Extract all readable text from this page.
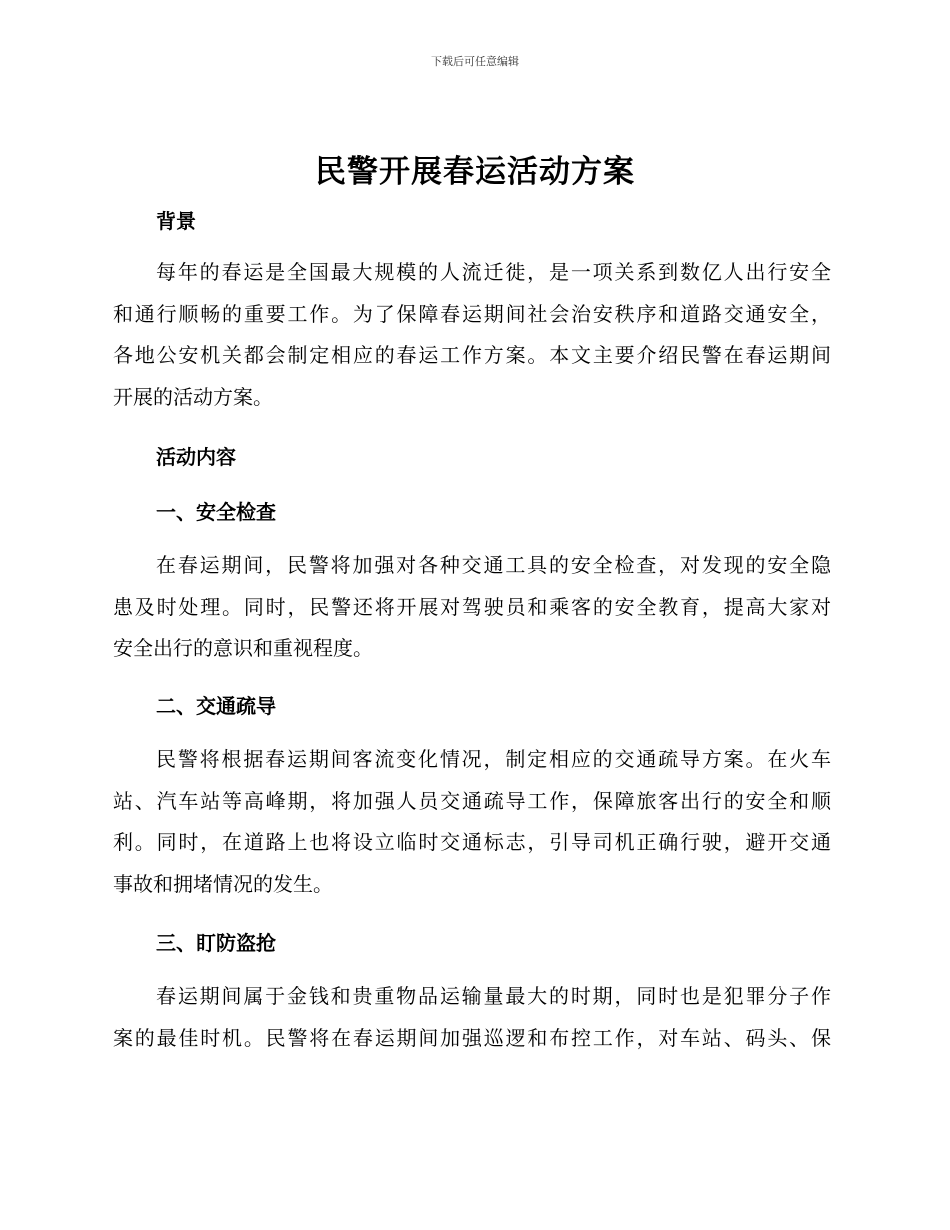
下载后可任意编辑
民警开展春运活动方案
背景
每年的春运是全国最大规模的人流迁徙，是一项关系到数亿人出行安全
和通行顺畅的重要工作。为了保障春运期间社会治安秩序和道路交通安全，
各地公安机关都会制定相应的春运工作方案。本文主要介绍民警在春运期间
开展的活动方案。
活动内容
一、安全检查
在春运期间，民警将加强对各种交通工具的安全检查，对发现的安全隐
患及时处理。同时，民警还将开展对驾驶员和乘客的安全教育，提高大家对
安全出行的意识和重视程度。
二、交通疏导
民警将根据春运期间客流变化情况，制定相应的交通疏导方案。在火车
站、汽车站等高峰期，将加强人员交通疏导工作，保障旅客出行的安全和顺
利。同时，在道路上也将设立临时交通标志，引导司机正确行驶，避开交通
事故和拥堵情况的发生。
三、盯防盗抢
春运期间属于金钱和贵重物品运输量最大的时期，同时也是犯罪分子作
案的最佳时机。民警将在春运期间加强巡逻和布控工作，对车站、码头、保
